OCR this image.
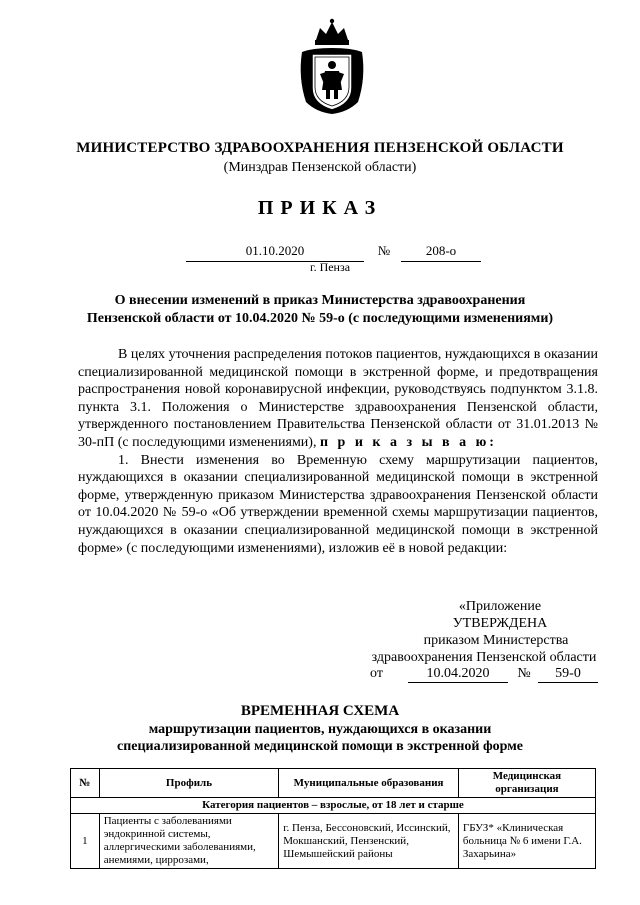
МИНИСТЕРСТВО ЗДРАВООХРАНЕНИЯ ПЕНЗЕНСКОЙ ОБЛАСТИ
(Минздрав Пензенской области)
ПРИКАЗ
01.10.2020	№	208-о
г. Пенза
О внесении изменений в приказ Министерства здравоохранения
Пензенской области от 10.04.2020 № 59-о (с последующими изменениями)

В целях уточнения распределения потоков пациентов, нуждающихся в оказании специализированной медицинской помощи в экстренной форме, и предотвращения распространения новой коронавирусной инфекции, руководствуясь подпунктом 3.1.8. пункта 3.1. Положения о Министерстве здравоохранения Пензенской области, утвержденного постановлением Правительства Пензенской области от 31.01.2013 № 30-пП (с последующими изменениями), п р и к а з ы в а ю:

1. Внести изменения во Временную схему маршрутизации пациентов, нуждающихся в оказании специализированной медицинской помощи в экстренной форме, утвержденную приказом Министерства здравоохранения Пензенской области от 10.04.2020 № 59-о «Об утверждении временной схемы маршрутизации пациентов, нуждающихся в оказании специализированной медицинской помощи в экстренной форме» (с последующими изменениями), изложив её в новой редакции:

«Приложение
УТВЕРЖДЕНА
приказом Министерства
здравоохранения Пензенской области
от	10.04.2020	№	59-0
ВРЕМЕННАЯ СХЕМА
маршрутизации пациентов, нуждающихся в оказании
специализированной медицинской помощи в экстренной форме
№	Профиль	Муниципальные образования	Медицинская организация
Категория пациентов – взрослые, от 18 лет и старше			
1	Пациенты с заболеваниями эндокринной системы, аллергическими заболеваниями, анемиями, циррозами,	г. Пенза, Бессоновский, Иссинский, Мокшанский, Пензенский, Шемышейский районы	ГБУЗ* «Клиническая больница № 6 имени Г.А. Захарьина»
